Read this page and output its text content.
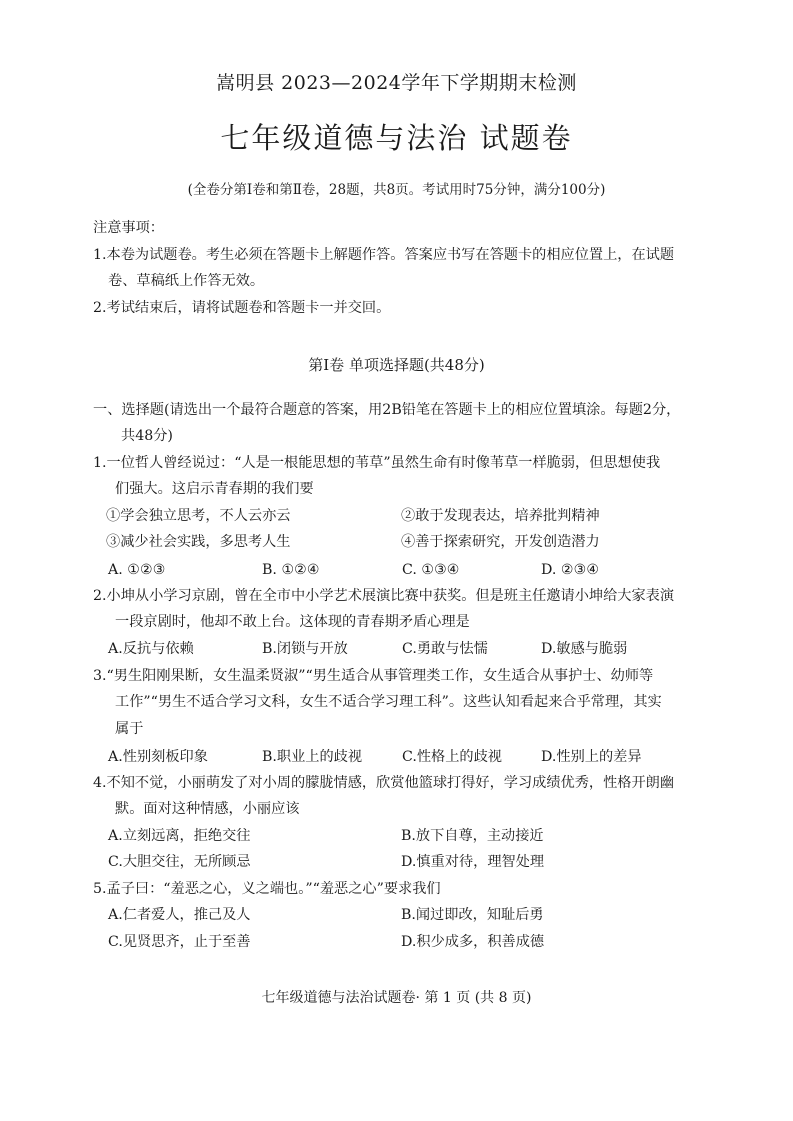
嵩明县 2023—2024学年下学期期末检测
七年级道德与法治 试题卷
(全卷分第Ⅰ卷和第Ⅱ卷，28题，共8页。考试用时75分钟，满分100分)
注意事项：
1.本卷为试题卷。考生必须在答题卡上解题作答。答案应书写在答题卡的相应位置上，在试题
卷、草稿纸上作答无效。
2.考试结束后，请将试题卷和答题卡一并交回。
第Ⅰ卷 单项选择题(共48分)
一、选择题(请选出一个最符合题意的答案，用2B铅笔在答题卡上的相应位置填涂。每题2分，
共48分)
1.一位哲人曾经说过：“人是一根能思想的苇草”虽然生命有时像苇草一样脆弱，但思想使我
们强大。这启示青春期的我们要
①学会独立思考，不人云亦云	②敢于发现表达，培养批判精神
③减少社会实践，多思考人生	④善于探索研究，开发创造潜力
A. ①②③	B. ①②④	C. ①③④	D. ②③④
2.小坤从小学习京剧，曾在全市中小学艺术展演比赛中获奖。但是班主任邀请小坤给大家表演
一段京剧时，他却不敢上台。这体现的青春期矛盾心理是
A.反抗与依赖	B.闭锁与开放	C.勇敢与怯懦	D.敏感与脆弱
3.“男生阳刚果断，女生温柔贤淑”“男生适合从事管理类工作，女生适合从事护士、幼师等
工作”“男生不适合学习文科，女生不适合学习理工科”。这些认知看起来合乎常理，其实
属于
A.性别刻板印象	B.职业上的歧视	C.性格上的歧视	D.性别上的差异
4.不知不觉，小丽萌发了对小周的朦胧情感，欣赏他篮球打得好，学习成绩优秀，性格开朗幽
默。面对这种情感，小丽应该
A.立刻远离，拒绝交往	B.放下自尊，主动接近
C.大胆交往，无所顾忌	D.慎重对待，理智处理
5.孟子曰：“羞恶之心，义之端也。”“羞恶之心”要求我们
A.仁者爱人，推己及人	B.闻过即改，知耻后勇
C.见贤思齐，止于至善	D.积少成多，积善成德
七年级道德与法治试题卷· 第 1 页 (共 8 页)
